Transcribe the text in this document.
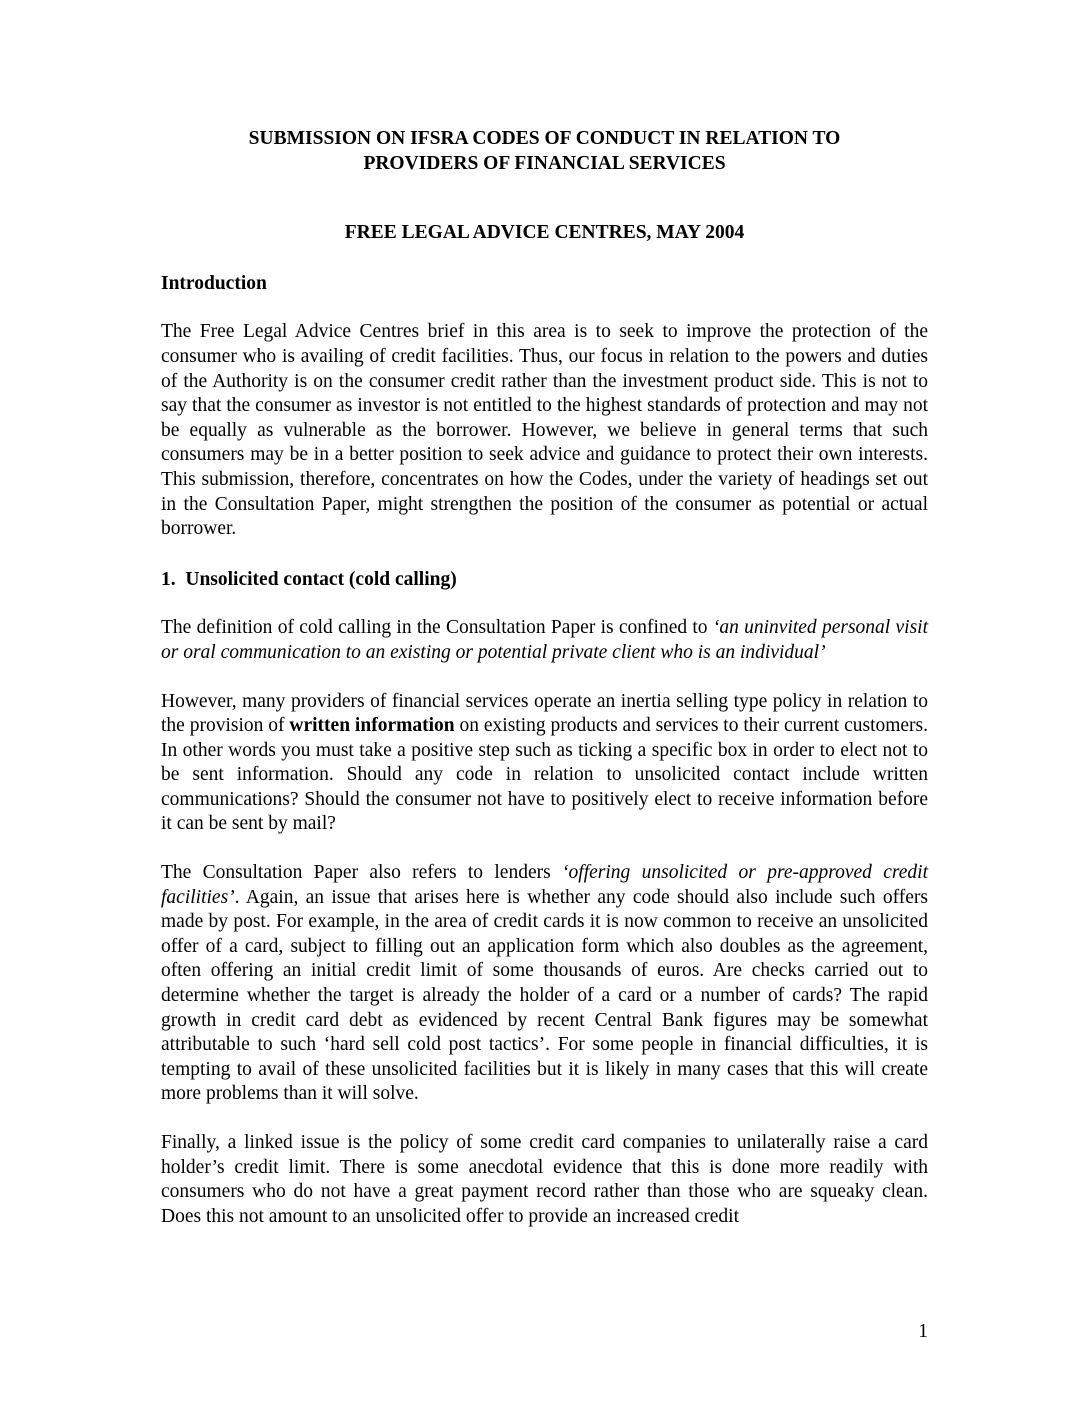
SUBMISSION ON IFSRA CODES OF CONDUCT IN RELATION TO
PROVIDERS OF FINANCIAL SERVICES
FREE LEGAL ADVICE CENTRES, MAY 2004
Introduction

The Free Legal Advice Centres brief in this area is to seek to improve the protection of the consumer who is availing of credit facilities. Thus, our focus in relation to the powers and duties of the Authority is on the consumer credit rather than the investment product side. This is not to say that the consumer as investor is not entitled to the highest standards of protection and may not be equally as vulnerable as the borrower. However, we believe in general terms that such consumers may be in a better position to seek advice and guidance to protect their own interests. This submission, therefore, concentrates on how the Codes, under the variety of headings set out in the Consultation Paper, might strengthen the position of the consumer as potential or actual borrower.

1.  Unsolicited contact (cold calling)

The definition of cold calling in the Consultation Paper is confined to ‘an uninvited personal visit or oral communication to an existing or potential private client who is an individual’

However, many providers of financial services operate an inertia selling type policy in relation to the provision of written information on existing products and services to their current customers. In other words you must take a positive step such as ticking a specific box in order to elect not to be sent information. Should any code in relation to unsolicited contact include written communications? Should the consumer not have to positively elect to receive information before it can be sent by mail?

The Consultation Paper also refers to lenders ‘offering unsolicited or pre-approved credit facilities’. Again, an issue that arises here is whether any code should also include such offers made by post. For example, in the area of credit cards it is now common to receive an unsolicited offer of a card, subject to filling out an application form which also doubles as the agreement, often offering an initial credit limit of some thousands of euros. Are checks carried out to determine whether the target is already the holder of a card or a number of cards? The rapid growth in credit card debt as evidenced by recent Central Bank figures may be somewhat attributable to such ‘hard sell cold post tactics’. For some people in financial difficulties, it is tempting to avail of these unsolicited facilities but it is likely in many cases that this will create more problems than it will solve.

Finally, a linked issue is the policy of some credit card companies to unilaterally raise a card holder’s credit limit. There is some anecdotal evidence that this is done more readily with consumers who do not have a great payment record rather than those who are squeaky clean. Does this not amount to an unsolicited offer to provide an increased credit

1
